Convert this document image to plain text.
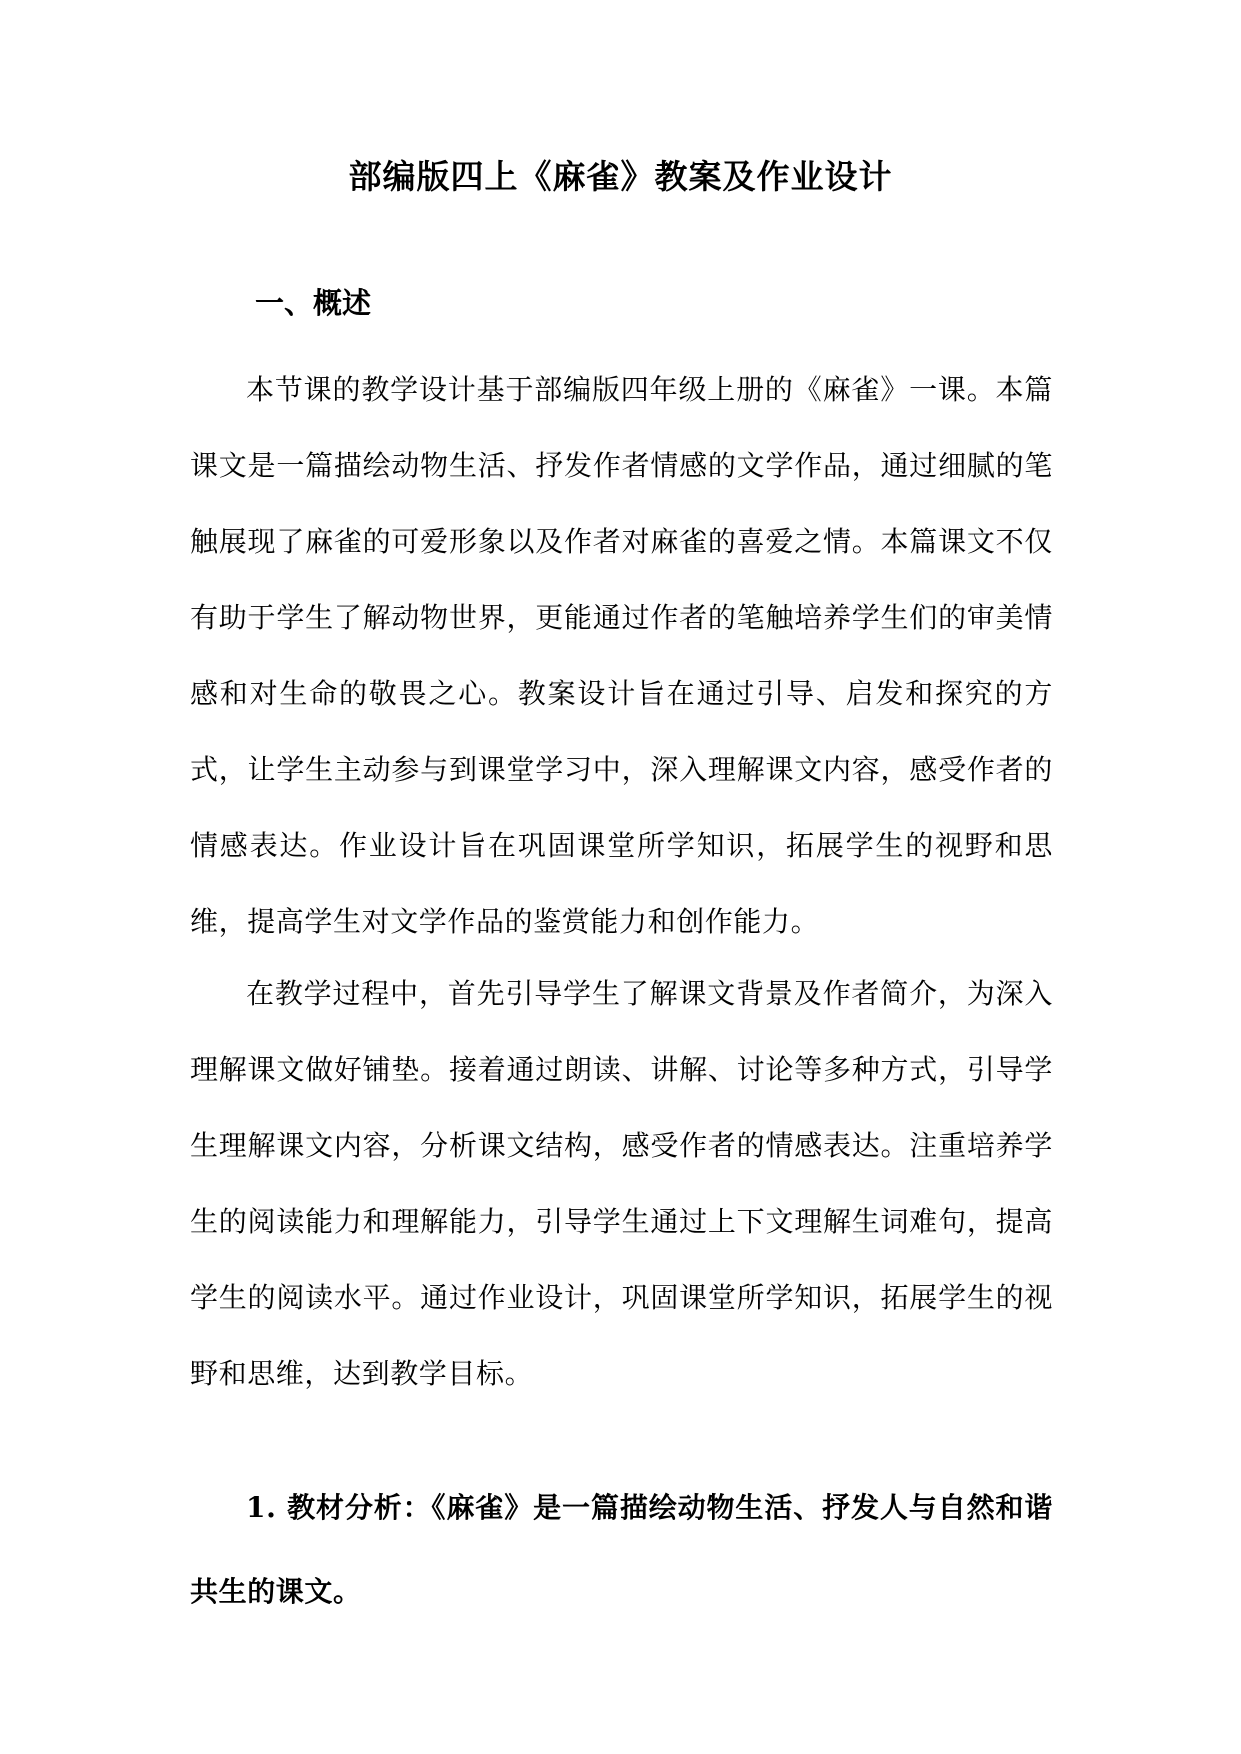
部编版四上《麻雀》教案及作业设计
一、概述

本节课的教学设计基于部编版四年级上册的《麻雀》一课。本篇课文是一篇描绘动物生活、抒发作者情感的文学作品，通过细腻的笔触展现了麻雀的可爱形象以及作者对麻雀的喜爱之情。本篇课文不仅有助于学生了解动物世界，更能通过作者的笔触培养学生们的审美情感和对生命的敬畏之心。教案设计旨在通过引导、启发和探究的方式，让学生主动参与到课堂学习中，深入理解课文内容，感受作者的情感表达。作业设计旨在巩固课堂所学知识，拓展学生的视野和思维，提高学生对文学作品的鉴赏能力和创作能力。

在教学过程中，首先引导学生了解课文背景及作者简介，为深入理解课文做好铺垫。接着通过朗读、讲解、讨论等多种方式，引导学生理解课文内容，分析课文结构，感受作者的情感表达。注重培养学生的阅读能力和理解能力，引导学生通过上下文理解生词难句，提高学生的阅读水平。通过作业设计，巩固课堂所学知识，拓展学生的视野和思维，达到教学目标。

1. 教材分析：《麻雀》是一篇描绘动物生活、抒发人与自然和谐共生的课文。
